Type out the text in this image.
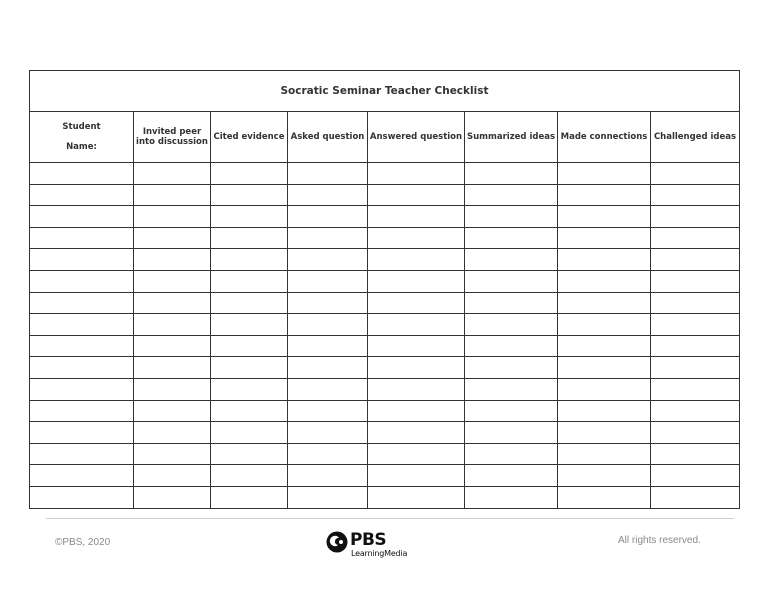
Socratic Seminar Teacher Checklist							

Student
Name:	Invited peer into discussion	Cited evidence	Asked question	Answered question	Summarized ideas	Made connections	Challenged ideas

©PBS, 2020	PBS
LearningMedia
All rights reserved.
